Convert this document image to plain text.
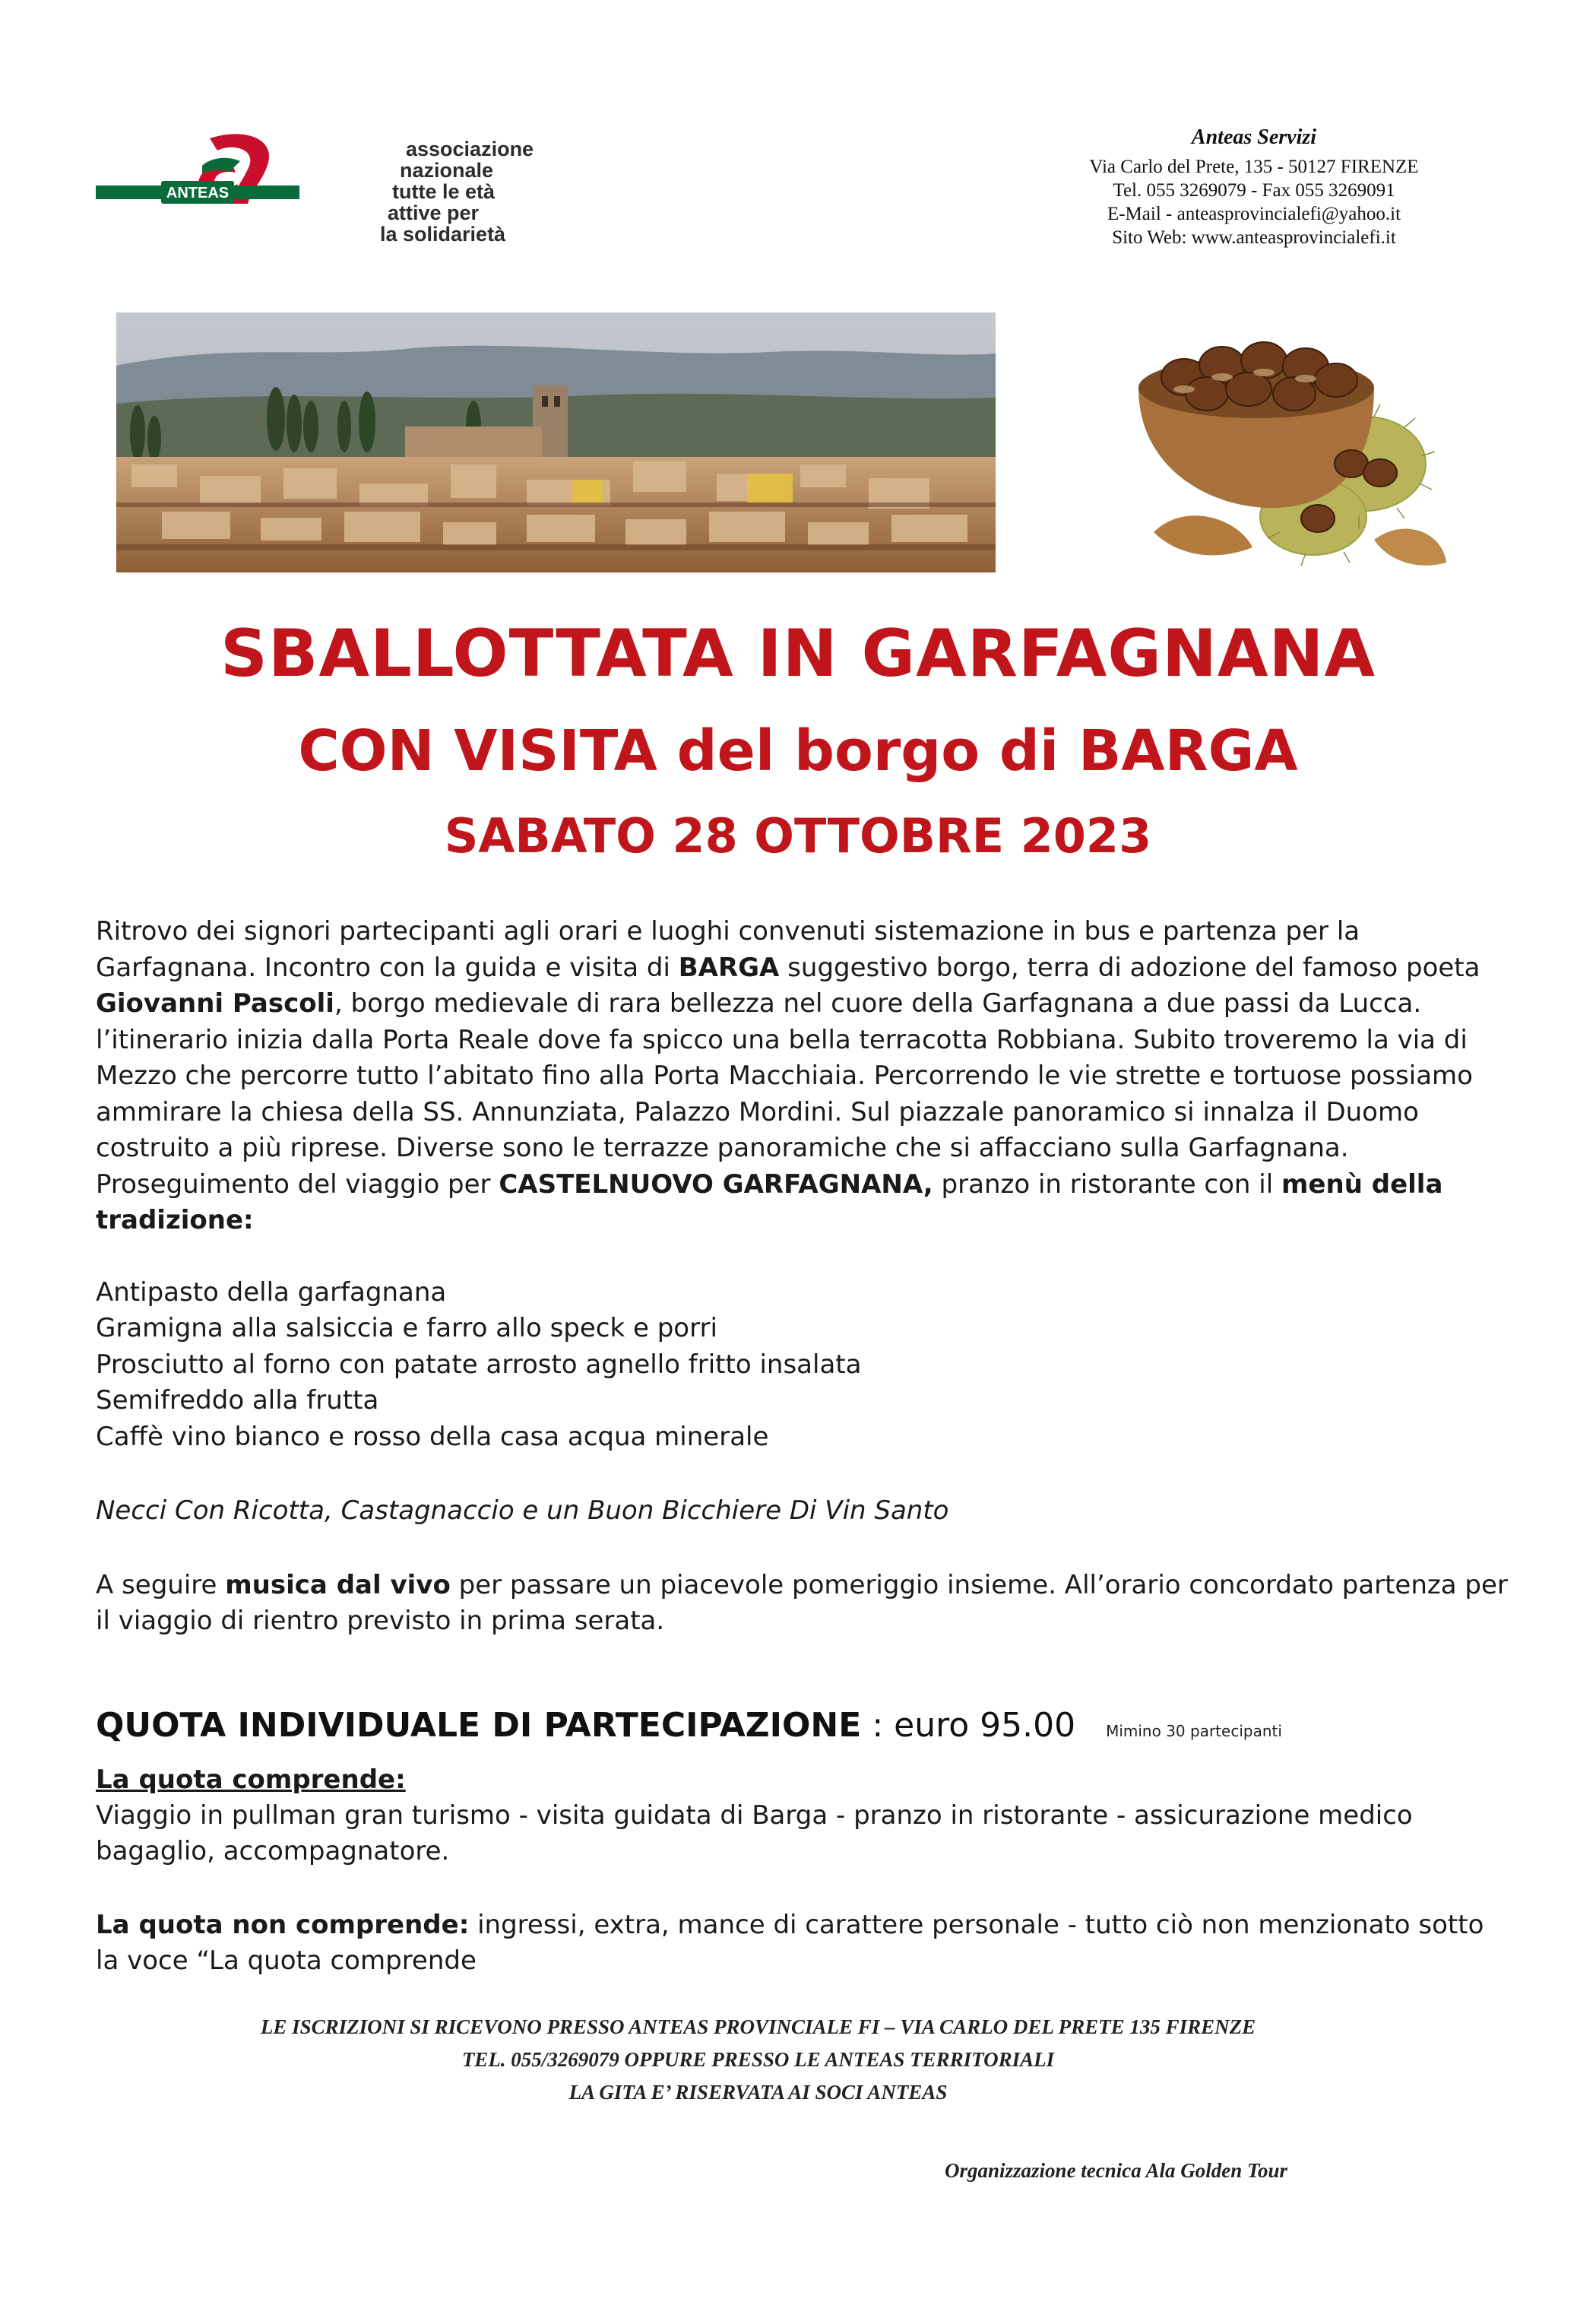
ANTEAS
associazione
nazionale
tutte le età
attive per
la solidarietà
Anteas Servizi
Via Carlo del Prete, 135 - 50127 FIRENZE
Tel. 055 3269079 - Fax 055 3269091
E-Mail - anteasprovincialefi@yahoo.it
Sito Web: www.anteasprovincialefi.it
SBALLOTTATA IN GARFAGNANA
CON VISITA del borgo di BARGA
SABATO 28 OTTOBRE 2023

Ritrovo dei signori partecipanti agli orari e luoghi convenuti sistemazione in bus e partenza per la Garfagnana. Incontro con la guida e visita di BARGA suggestivo borgo, terra di adozione del famoso poeta Giovanni Pascoli, borgo medievale di rara bellezza nel cuore della Garfagnana a due passi da Lucca. l’itinerario inizia dalla Porta Reale dove fa spicco una bella terracotta Robbiana. Subito troveremo la via di Mezzo che percorre tutto l’abitato fino alla Porta Macchiaia. Percorrendo le vie strette e tortuose possiamo ammirare la chiesa della SS. Annunziata, Palazzo Mordini. Sul piazzale panoramico si innalza il Duomo costruito a più riprese. Diverse sono le terrazze panoramiche che si affacciano sulla Garfagnana. Proseguimento del viaggio per CASTELNUOVO GARFAGNANA, pranzo in ristorante con il menù della tradizione:

Antipasto della garfagnana
Gramigna alla salsiccia e farro allo speck e porri
Prosciutto al forno con patate arrosto agnello fritto insalata
Semifreddo alla frutta
Caffè vino bianco e rosso della casa acqua minerale

Necci Con Ricotta, Castagnaccio e un Buon Bicchiere Di Vin Santo

A seguire musica dal vivo per passare un piacevole pomeriggio insieme. All’orario concordato partenza per il viaggio di rientro previsto in prima serata.

QUOTA INDIVIDUALE DI PARTECIPAZIONE : euro 95.00 Mimino 30 partecipanti

La quota comprende:

Viaggio in pullman gran turismo - visita guidata di Barga - pranzo in ristorante - assicurazione medico bagaglio, accompagnatore.

La quota non comprende: ingressi, extra, mance di carattere personale - tutto ciò non menzionato sotto la voce “La quota comprende

LE ISCRIZIONI SI RICEVONO PRESSO ANTEAS PROVINCIALE FI – VIA CARLO DEL PRETE 135 FIRENZE
TEL. 055/3269079 OPPURE PRESSO LE ANTEAS TERRITORIALI
LA GITA E’ RISERVATA AI SOCI ANTEAS
Organizzazione tecnica Ala Golden Tour
